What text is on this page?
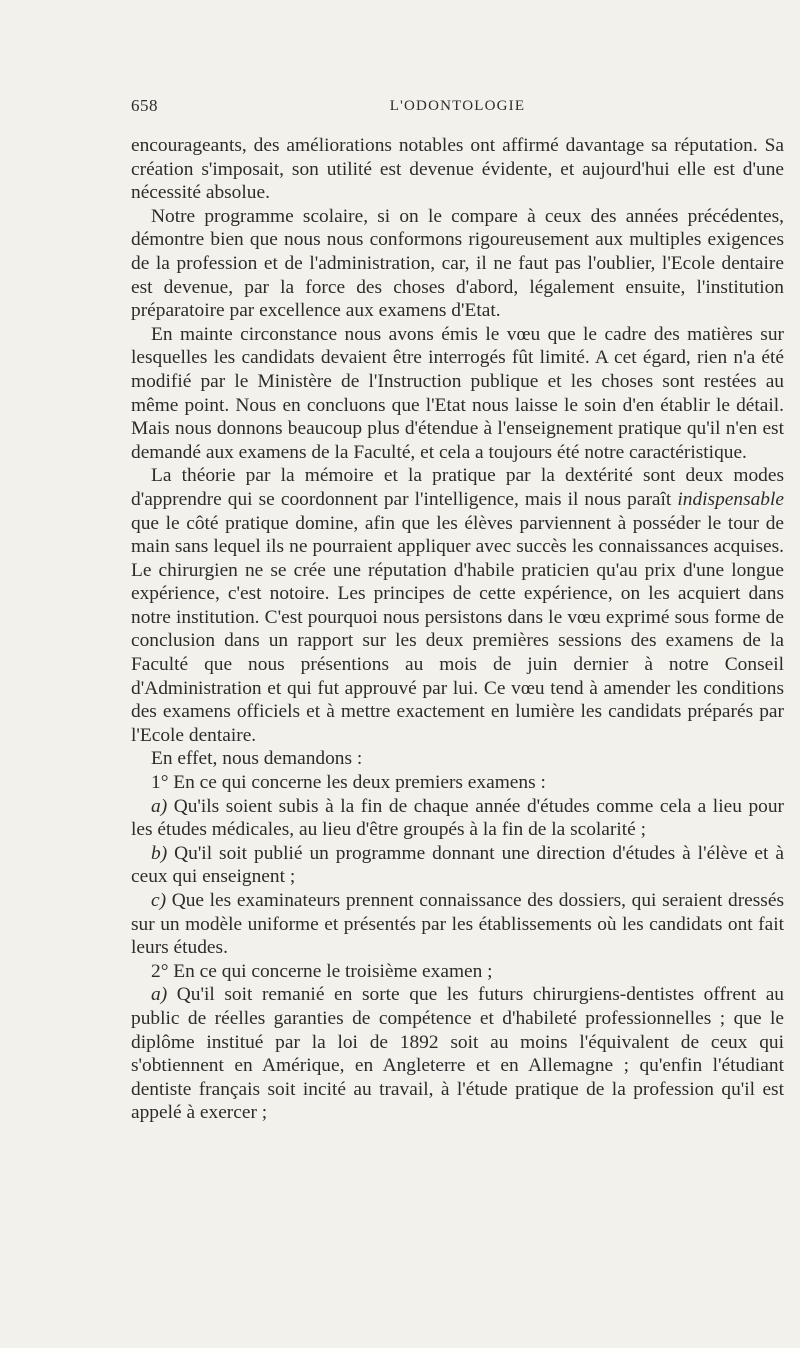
658	L'ODONTOLOGIE

encourageants, des améliorations notables ont affirmé davantage sa réputation. Sa création s'imposait, son utilité est devenue évidente, et aujourd'hui elle est d'une nécessité absolue.

Notre programme scolaire, si on le compare à ceux des années précédentes, démontre bien que nous nous conformons rigoureusement aux multiples exigences de la profession et de l'administration, car, il ne faut pas l'oublier, l'Ecole dentaire est devenue, par la force des choses d'abord, légalement ensuite, l'institution préparatoire par excellence aux examens d'Etat.

En mainte circonstance nous avons émis le vœu que le cadre des matières sur lesquelles les candidats devaient être interrogés fût limité. A cet égard, rien n'a été modifié par le Ministère de l'Instruction publique et les choses sont restées au même point. Nous en concluons que l'Etat nous laisse le soin d'en établir le détail. Mais nous donnons beaucoup plus d'étendue à l'enseignement pratique qu'il n'en est demandé aux examens de la Faculté, et cela a toujours été notre caractéristique.

La théorie par la mémoire et la pratique par la dextérité sont deux modes d'apprendre qui se coordonnent par l'intelligence, mais il nous paraît indispensable que le côté pratique domine, afin que les élèves parviennent à posséder le tour de main sans lequel ils ne pourraient appliquer avec succès les connaissances acquises. Le chirurgien ne se crée une réputation d'habile praticien qu'au prix d'une longue expérience, c'est notoire. Les principes de cette expérience, on les acquiert dans notre institution. C'est pourquoi nous persistons dans le vœu exprimé sous forme de conclusion dans un rapport sur les deux premières sessions des examens de la Faculté que nous présentions au mois de juin dernier à notre Conseil d'Administration et qui fut approuvé par lui. Ce vœu tend à amender les conditions des examens officiels et à mettre exactement en lumière les candidats préparés par l'Ecole dentaire.

En effet, nous demandons :

1° En ce qui concerne les deux premiers examens :

a) Qu'ils soient subis à la fin de chaque année d'études comme cela a lieu pour les études médicales, au lieu d'être groupés à la fin de la scolarité ;

b) Qu'il soit publié un programme donnant une direction d'études à l'élève et à ceux qui enseignent ;

c) Que les examinateurs prennent connaissance des dossiers, qui seraient dressés sur un modèle uniforme et présentés par les établissements où les candidats ont fait leurs études.

2° En ce qui concerne le troisième examen ;

a) Qu'il soit remanié en sorte que les futurs chirurgiens-dentistes offrent au public de réelles garanties de compétence et d'habileté professionnelles ; que le diplôme institué par la loi de 1892 soit au moins l'équivalent de ceux qui s'obtiennent en Amérique, en Angleterre et en Allemagne ; qu'enfin l'étudiant dentiste français soit incité au travail, à l'étude pratique de la profession qu'il est appelé à exercer ;
